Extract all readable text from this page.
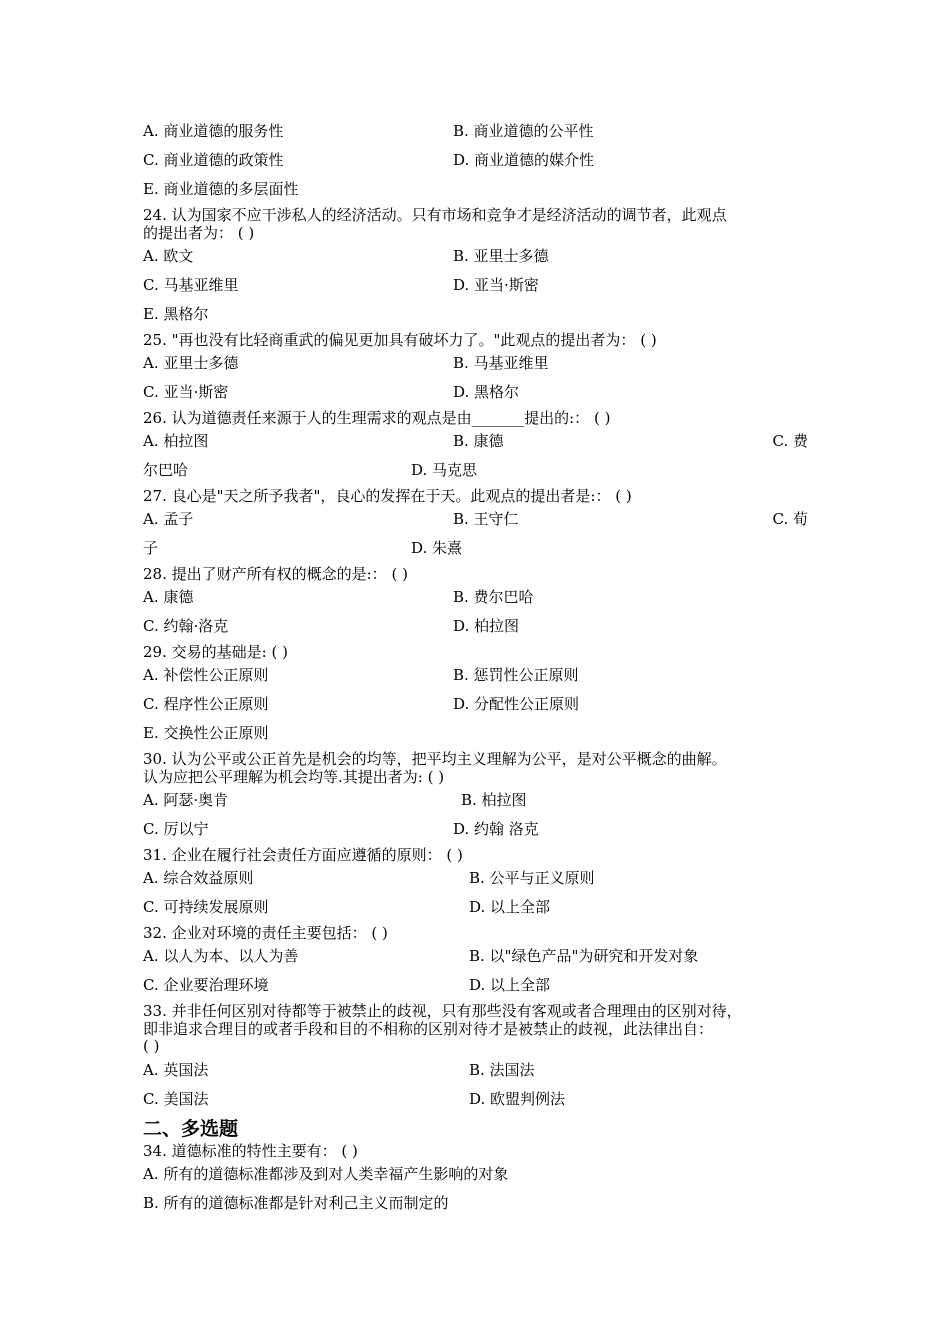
A. 商业道德的服务性	B. 商业道德的公平性
C. 商业道德的政策性	D. 商业道德的媒介性
E. 商业道德的多层面性
24. 认为国家不应干涉私人的经济活动。只有市场和竞争才是经济活动的调节者，此观点
的提出者为： ( )
A. 欧文	B. 亚里士多德
C. 马基亚维里	D. 亚当·斯密
E. 黑格尔
25. "再也没有比轻商重武的偏见更加具有破坏力了。"此观点的提出者为： ( )
A. 亚里士多德	B. 马基亚维里
C. 亚当·斯密	D. 黑格尔
26. 认为道德责任来源于人的生理需求的观点是由_______提出的:： ( )
A. 柏拉图	B. 康德	C. 费
尔巴哈	D. 马克思
27. 良心是"天之所予我者"，良心的发挥在于天。此观点的提出者是:： ( )
A. 孟子	B. 王守仁	C. 荀
子	D. 朱熹
28. 提出了财产所有权的概念的是:： ( )
A. 康德	B. 费尔巴哈
C. 约翰·洛克	D. 柏拉图
29. 交易的基础是: ( )
A. 补偿性公正原则	B. 惩罚性公正原则
C. 程序性公正原则	D. 分配性公正原则
E. 交换性公正原则
30. 认为公平或公正首先是机会的均等，把平均主义理解为公平，是对公平概念的曲解。
认为应把公平理解为机会均等.其提出者为: ( )
A. 阿瑟·奥肯	B. 柏拉图
C. 厉以宁	D. 约翰 洛克
31. 企业在履行社会责任方面应遵循的原则： ( )
A. 综合效益原则	B. 公平与正义原则
C. 可持续发展原则	D. 以上全部
32. 企业对环境的责任主要包括： ( )
A. 以人为本、以人为善	B. 以"绿色产品"为研究和开发对象
C. 企业要治理环境	D. 以上全部
33. 并非任何区别对待都等于被禁止的歧视，只有那些没有客观或者合理理由的区别对待，
即非追求合理目的或者手段和目的不相称的区别对待才是被禁止的歧视，此法律出自：
( )
A. 英国法	B. 法国法
C. 美国法	D. 欧盟判例法
二、多选题
34. 道德标准的特性主要有： ( )
A. 所有的道德标准都涉及到对人类幸福产生影响的对象
B. 所有的道德标准都是针对利己主义而制定的
